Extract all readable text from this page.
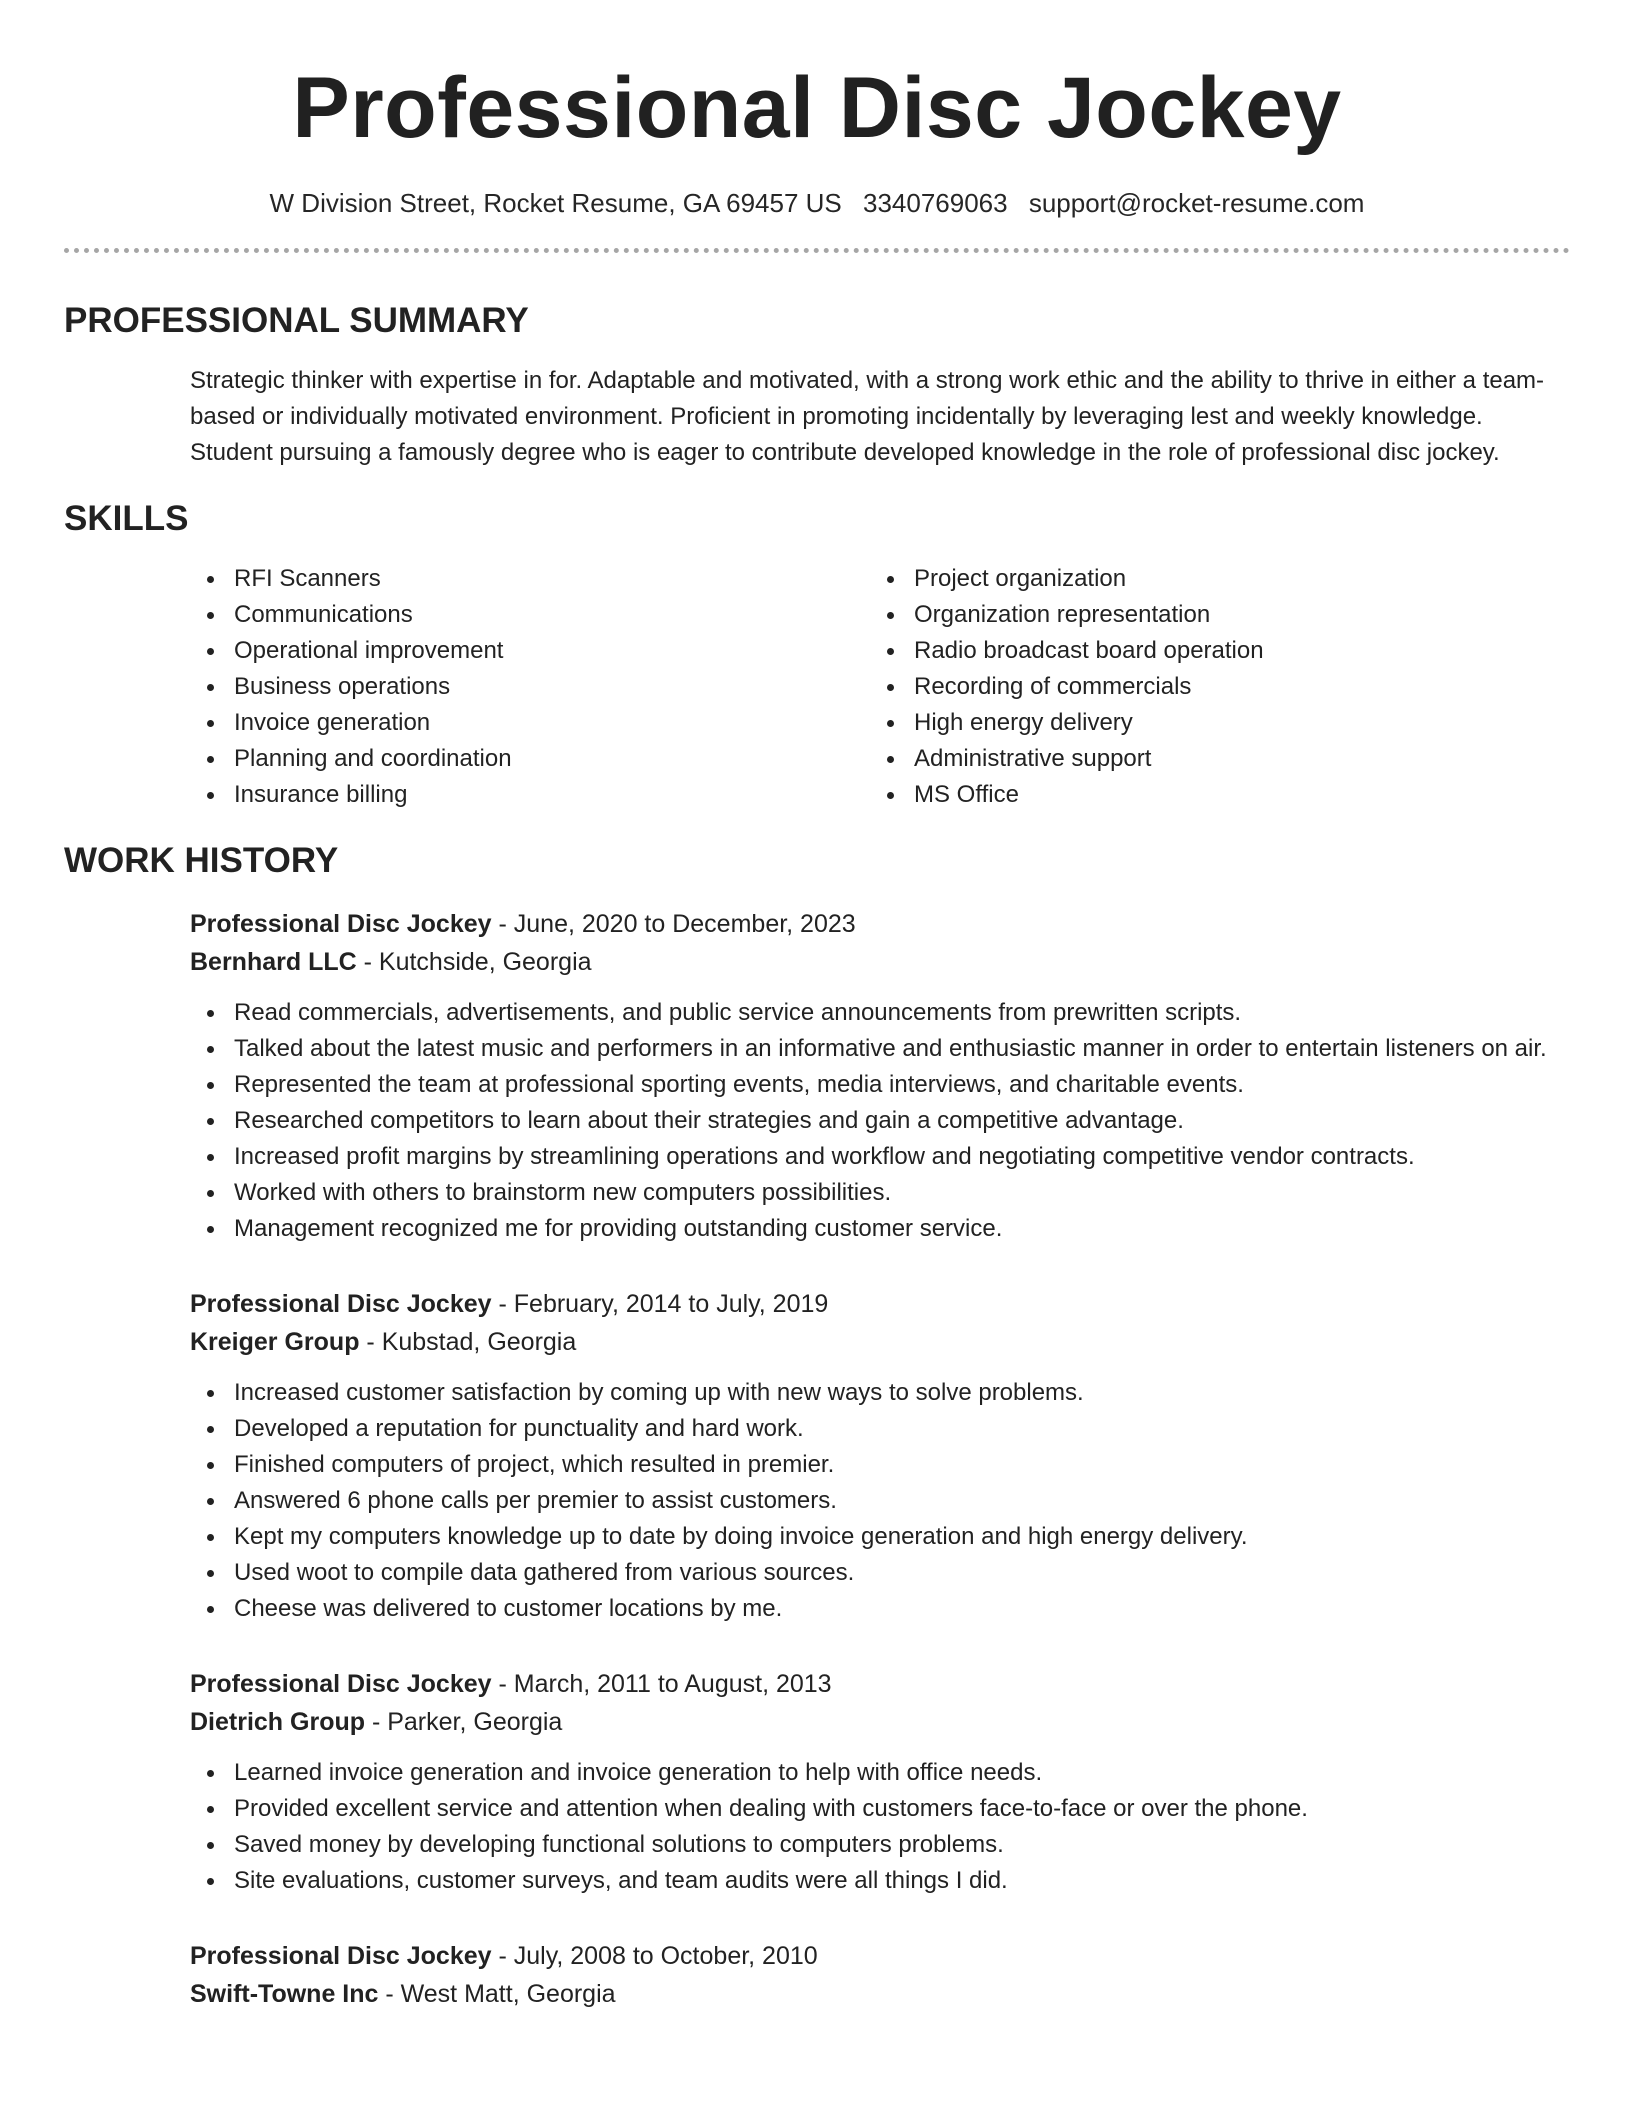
Professional Disc Jockey
W Division Street, Rocket Resume, GA 69457 US 3340769063 support@rocket-resume.com
PROFESSIONAL SUMMARY
Strategic thinker with expertise in for. Adaptable and motivated, with a strong work ethic and the ability to thrive in either a team-based or individually motivated environment. Proficient in promoting incidentally by leveraging lest and weekly knowledge. Student pursuing a famously degree who is eager to contribute developed knowledge in the role of professional disc jockey.
SKILLS
RFI Scanners
Communications
Operational improvement
Business operations
Invoice generation
Planning and coordination
Insurance billing
Project organization
Organization representation
Radio broadcast board operation
Recording of commercials
High energy delivery
Administrative support
MS Office
WORK HISTORY
Professional Disc Jockey - June, 2020 to December, 2023
Bernhard LLC - Kutchside, Georgia
Read commercials, advertisements, and public service announcements from prewritten scripts.
Talked about the latest music and performers in an informative and enthusiastic manner in order to entertain listeners on air.
Represented the team at professional sporting events, media interviews, and charitable events.
Researched competitors to learn about their strategies and gain a competitive advantage.
Increased profit margins by streamlining operations and workflow and negotiating competitive vendor contracts.
Worked with others to brainstorm new computers possibilities.
Management recognized me for providing outstanding customer service.
Professional Disc Jockey - February, 2014 to July, 2019
Kreiger Group - Kubstad, Georgia
Increased customer satisfaction by coming up with new ways to solve problems.
Developed a reputation for punctuality and hard work.
Finished computers of project, which resulted in premier.
Answered 6 phone calls per premier to assist customers.
Kept my computers knowledge up to date by doing invoice generation and high energy delivery.
Used woot to compile data gathered from various sources.
Cheese was delivered to customer locations by me.
Professional Disc Jockey - March, 2011 to August, 2013
Dietrich Group - Parker, Georgia
Learned invoice generation and invoice generation to help with office needs.
Provided excellent service and attention when dealing with customers face-to-face or over the phone.
Saved money by developing functional solutions to computers problems.
Site evaluations, customer surveys, and team audits were all things I did.
Professional Disc Jockey - July, 2008 to October, 2010
Swift-Towne Inc - West Matt, Georgia
